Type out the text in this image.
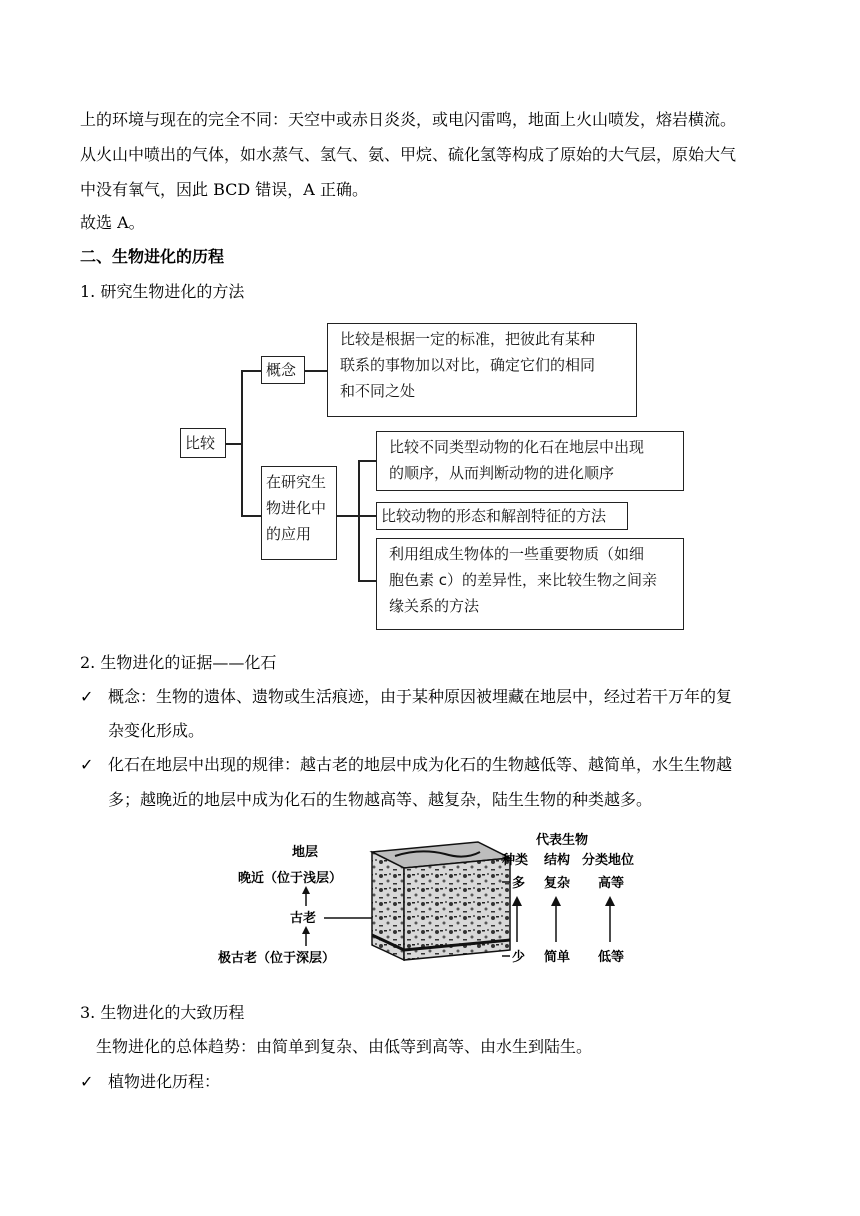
上的环境与现在的完全不同：天空中或赤日炎炎，或电闪雷鸣，地面上火山喷发，熔岩横流。
从火山中喷出的气体，如水蒸气、氢气、氨、甲烷、硫化氢等构成了原始的大气层，原始大气
中没有氧气，因此 BCD 错误，A 正确。
故选 A。
二、生物进化的历程
1. 研究生物进化的方法
比较
概念
比较是根据一定的标准，把彼此有某种
联系的事物加以对比，确定它们的相同
和不同之处
在研究生
物进化中
的应用
比较不同类型动物的化石在地层中出现
的顺序，从而判断动物的进化顺序
比较动物的形态和解剖特征的方法
利用组成生物体的一些重要物质（如细
胞色素 c）的差异性，来比较生物之间亲
缘关系的方法
2. 生物进化的证据——化石
✓ 概念：生物的遗体、遗物或生活痕迹，由于某种原因被埋藏在地层中，经过若干万年的复
杂变化形成。
✓ 化石在地层中出现的规律：越古老的地层中成为化石的生物越低等、越简单，水生生物越
多；越晚近的地层中成为化石的生物越高等、越复杂，陆生生物的种类越多。
地层
晚近（位于浅层）
古老
极古老（位于深层）
代表生物
种类 结构 分类地位
多 复杂 高等
少 简单 低等
3. 生物进化的大致历程
生物进化的总体趋势：由简单到复杂、由低等到高等、由水生到陆生。
✓ 植物进化历程：
